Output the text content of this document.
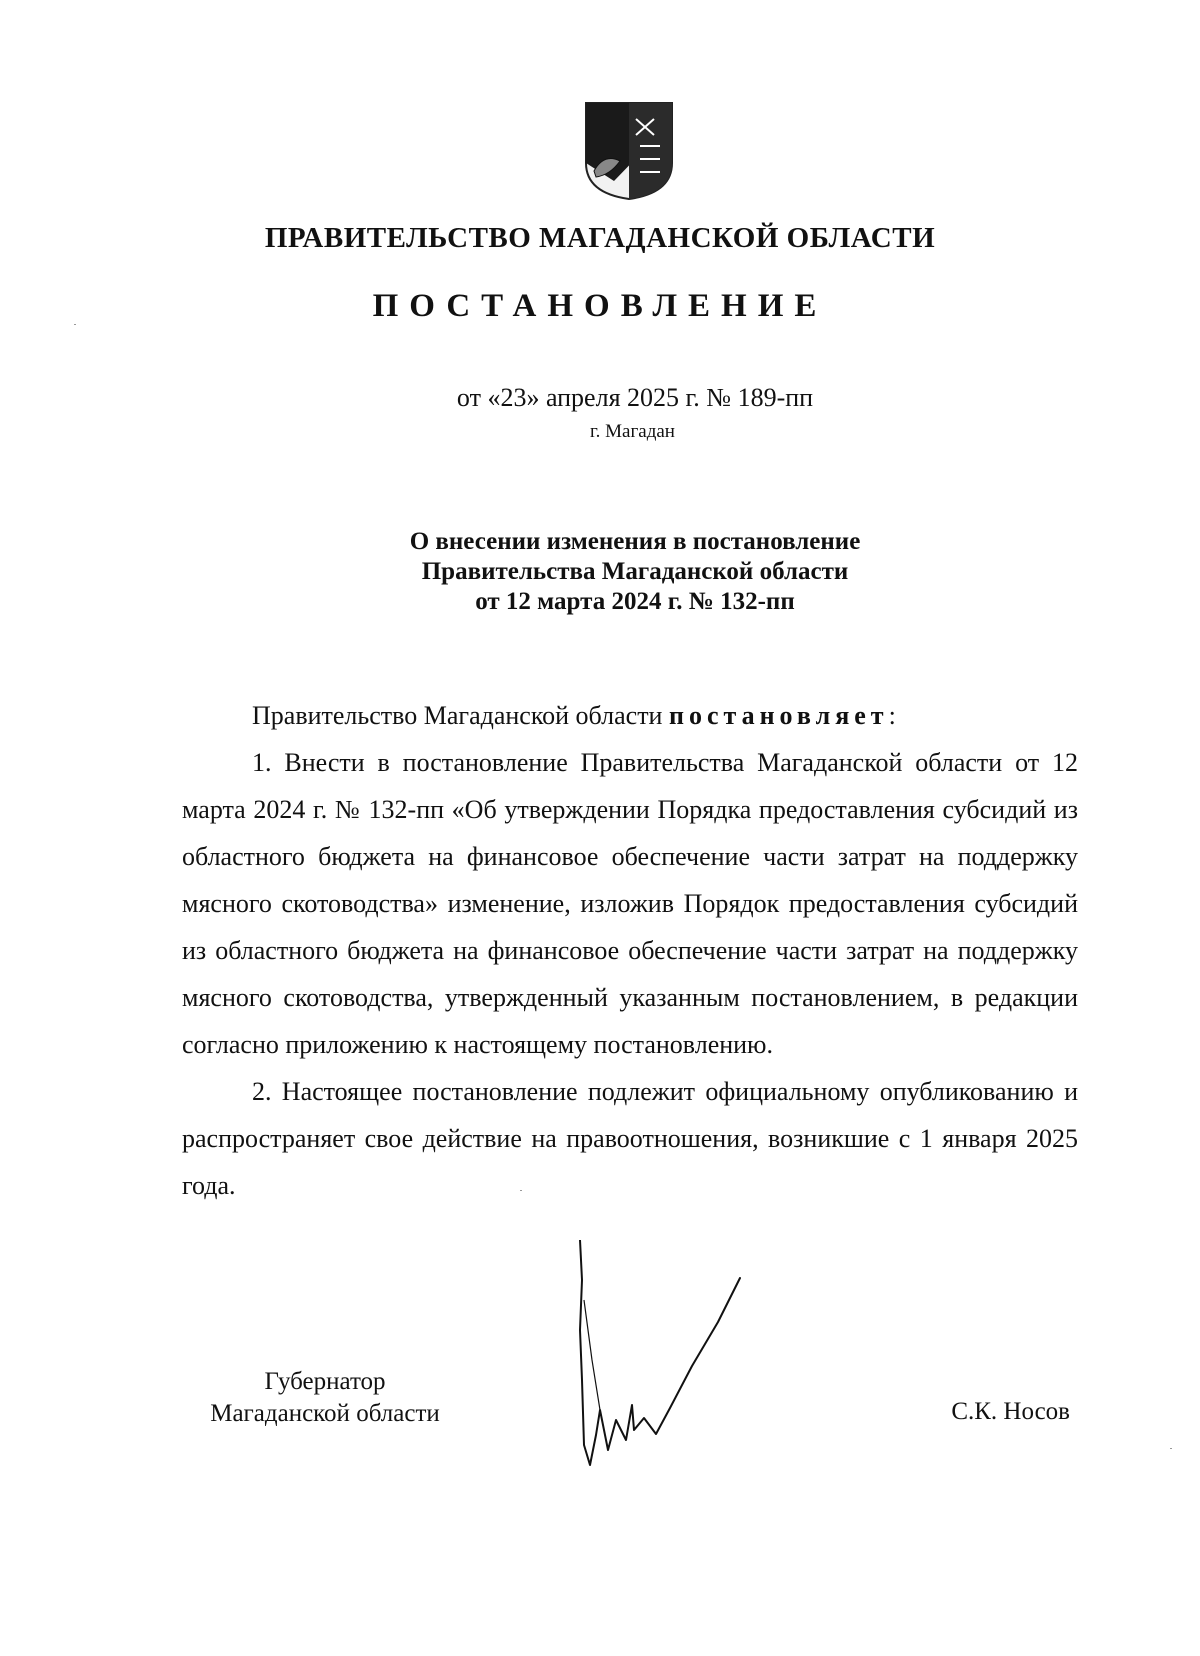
ПРАВИТЕЛЬСТВО МАГАДАНСКОЙ ОБЛАСТИ
ПОСТАНОВЛЕНИЕ
от «23» апреля 2025 г. № 189-пп
г. Магадан
О внесении изменения в постановление
Правительства Магаданской области
от 12 марта 2024 г. № 132-пп
Правительство Магаданской области постановляет:
1. Внести в постановление Правительства Магаданской области от 12 марта 2024 г. № 132-пп «Об утверждении Порядка предоставления субсидий из областного бюджета на финансовое обеспечение части затрат на поддержку мясного скотоводства» изменение, изложив Порядок предоставления субсидий из областного бюджета на финансовое обеспечение части затрат на поддержку мясного скотоводства, утвержденный указанным постановлением, в редакции согласно приложению к настоящему постановлению.
2. Настоящее постановление подлежит официальному опубликованию и распространяет свое действие на правоотношения, возникшие с 1 января 2025 года.
Губернатор
Магаданской области	С.К. Носов
